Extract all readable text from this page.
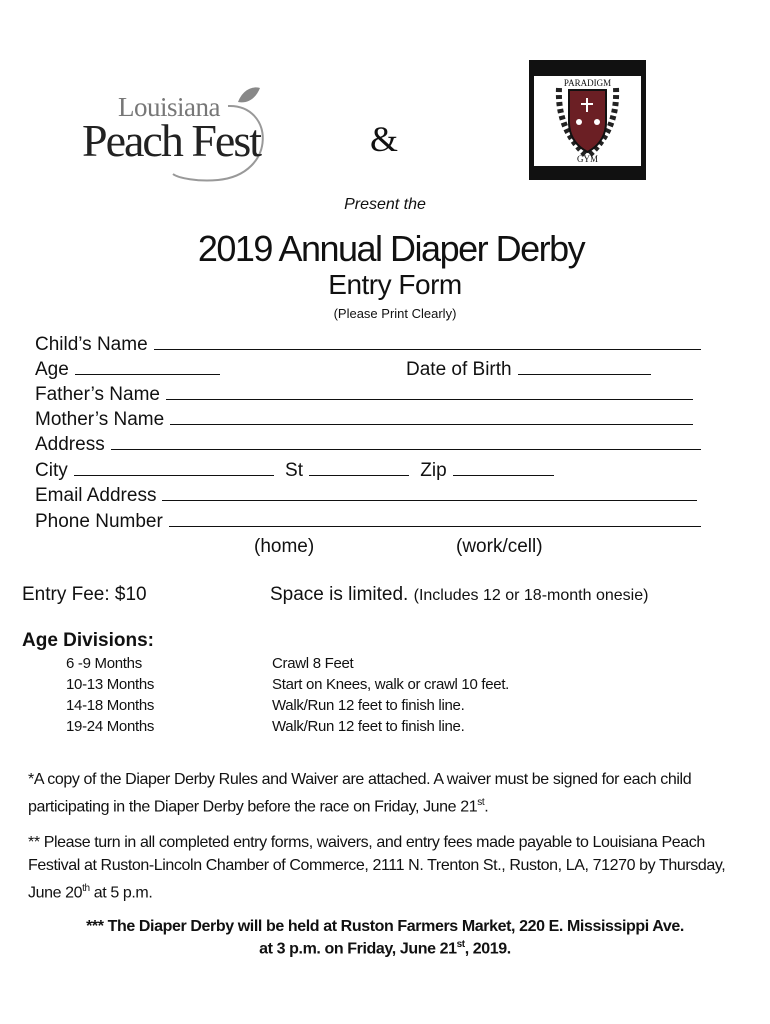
Louisiana
Peach Fest	&
PARADIGM
GYM
Present the
2019 Annual Diaper Derby
Entry Form
(Please Print Clearly)
Child’s Name
Age	Date of Birth
Father’s Name
Mother’s Name
Address
City	St	Zip
Email Address
Phone Number
(home)	(work/cell)
Entry Fee: $10	Space is limited. (Includes 12 or 18-month onesie)
Age Divisions:
6 -9 Months	Crawl 8 Feet
10-13 Months	Start on Knees, walk or crawl 10 feet.
14-18 Months	Walk/Run 12 feet to finish line.
19-24 Months	Walk/Run 12 feet to finish line.
*A copy of the Diaper Derby Rules and Waiver are attached. A waiver must be signed for each child participating in the Diaper Derby before the race on Friday, June 21st.
** Please turn in all completed entry forms, waivers, and entry fees made payable to Louisiana Peach Festival at Ruston-Lincoln Chamber of Commerce, 2111 N. Trenton St., Ruston, LA, 71270 by Thursday, June 20th at 5 p.m.
*** The Diaper Derby will be held at Ruston Farmers Market, 220 E. Mississippi Ave.
at 3 p.m. on Friday, June 21st, 2019.
